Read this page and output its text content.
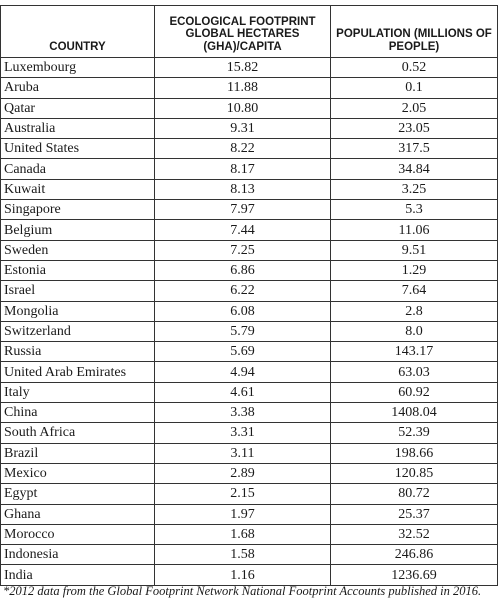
COUNTRY	ECOLOGICAL FOOTPRINT GLOBAL HECTARES (GHA)/CAPITA	POPULATION (MILLIONS OF PEOPLE)
Luxembourg	15.82	0.52
Aruba	11.88	0.1
Qatar	10.80	2.05
Australia	9.31	23.05
United States	8.22	317.5
Canada	8.17	34.84
Kuwait	8.13	3.25
Singapore	7.97	5.3
Belgium	7.44	11.06
Sweden	7.25	9.51
Estonia	6.86	1.29
Israel	6.22	7.64
Mongolia	6.08	2.8
Switzerland	5.79	8.0
Russia	5.69	143.17
United Arab Emirates	4.94	63.03
Italy	4.61	60.92
China	3.38	1408.04
South Africa	3.31	52.39
Brazil	3.11	198.66
Mexico	2.89	120.85
Egypt	2.15	80.72
Ghana	1.97	25.37
Morocco	1.68	32.52
Indonesia	1.58	246.86
India	1.16	1236.69
*2012 data from the Global Footprint Network National Footprint Accounts published in 2016.
